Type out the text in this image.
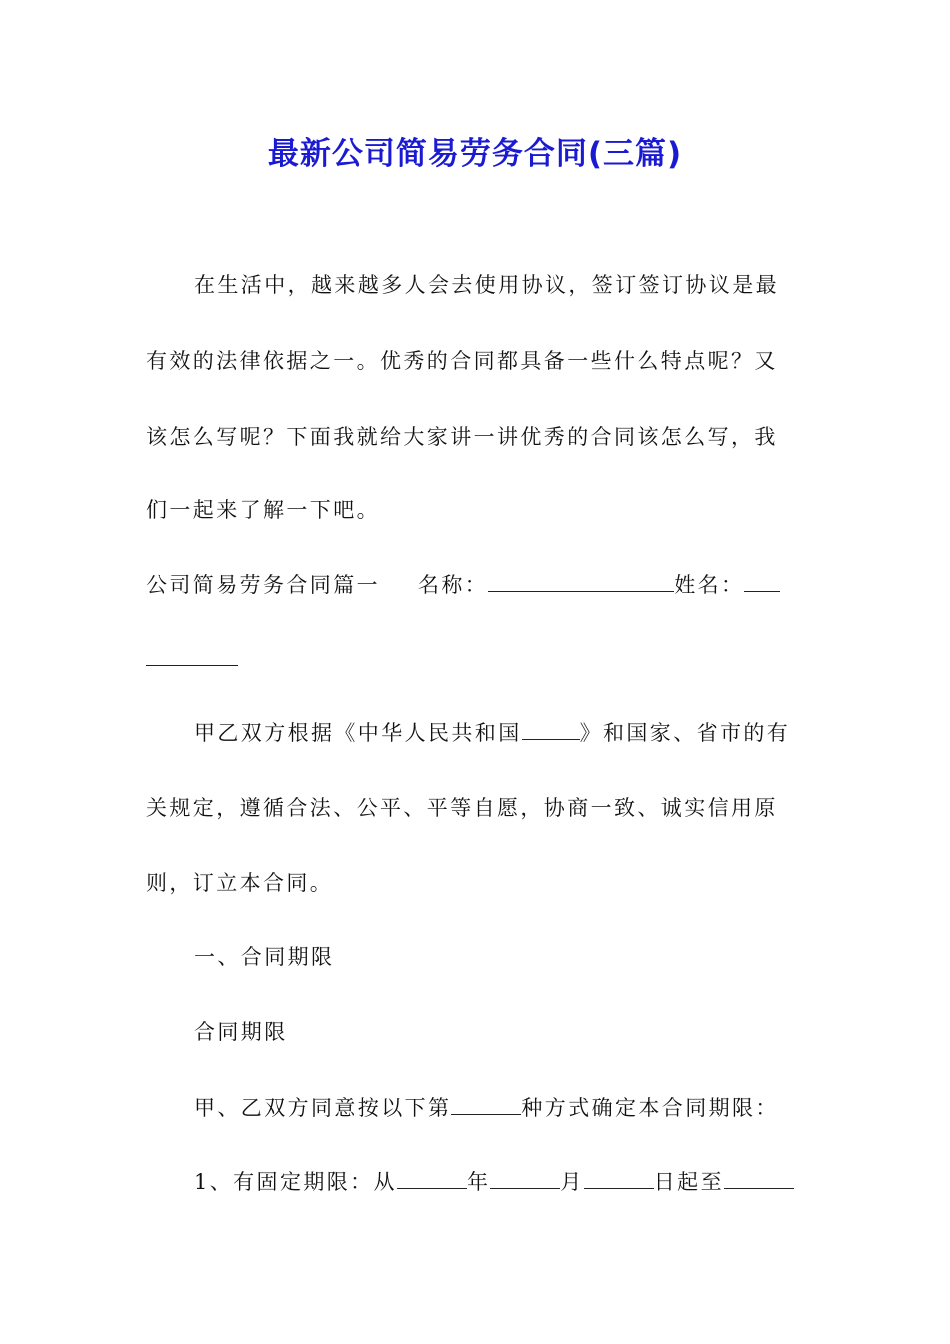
最新公司简易劳务合同(三篇)
在生活中，越来越多人会去使用协议，签订签订协议是最
有效的法律依据之一。优秀的合同都具备一些什么特点呢？又
该怎么写呢？下面我就给大家讲一讲优秀的合同该怎么写，我
们一起来了解一下吧。
公司简易劳务合同篇一 名称：	姓名：
甲乙双方根据《中华人民共和国	》和国家、省市的有
关规定，遵循合法、公平、平等自愿，协商一致、诚实信用原
则，订立本合同。
一、合同期限
合同期限
甲、乙双方同意按以下第	种方式确定本合同期限：
1、有固定期限：从	年	月	日起至
